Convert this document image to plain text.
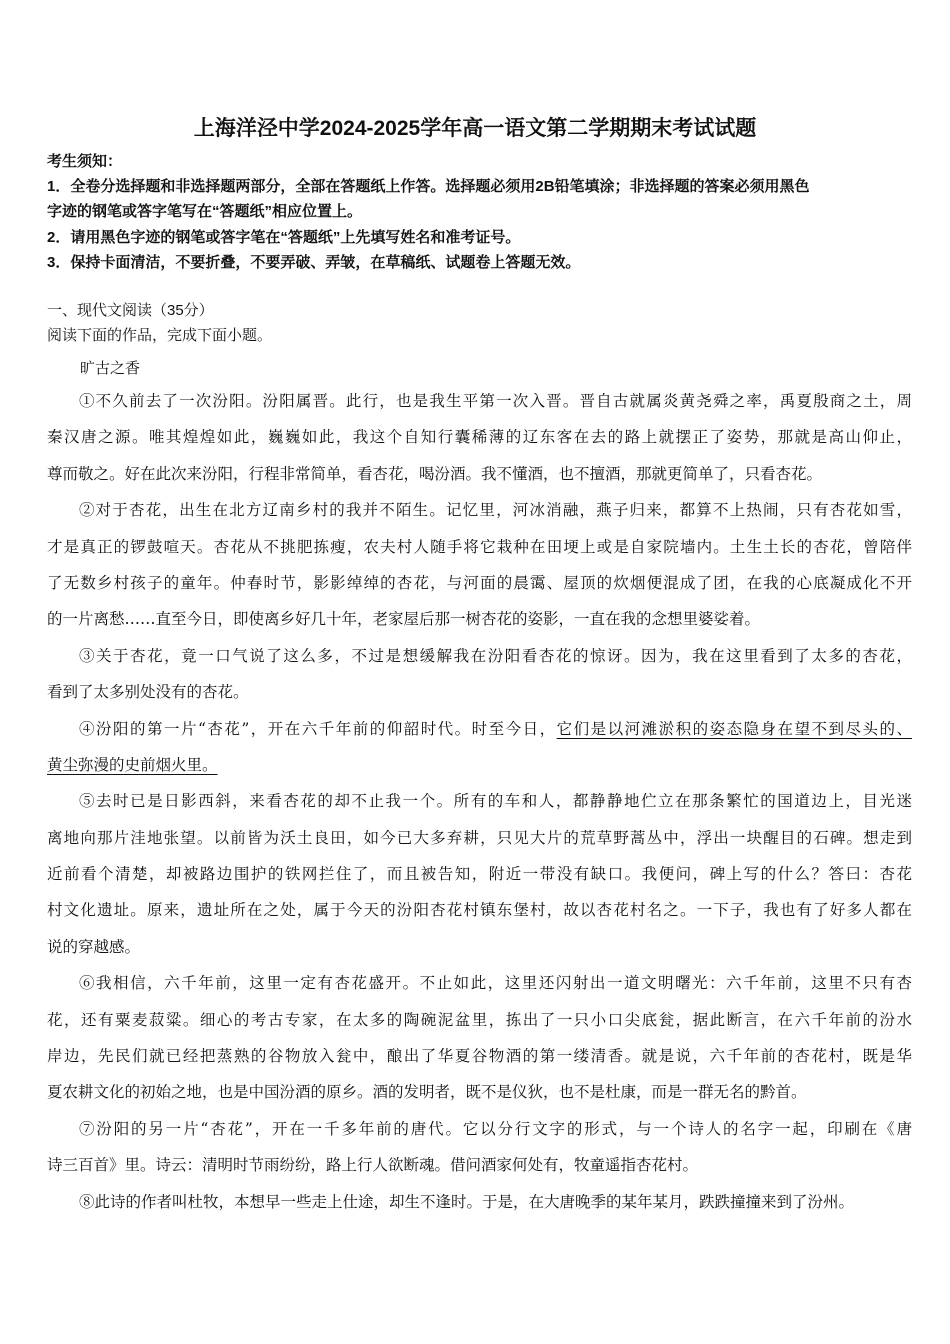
上海洋泾中学2024-2025学年高一语文第二学期期末考试试题
考生须知：
1．全卷分选择题和非选择题两部分，全部在答题纸上作答。选择题必须用2B铅笔填涂；非选择题的答案必须用黑色
字迹的钢笔或答字笔写在“答题纸”相应位置上。
2．请用黑色字迹的钢笔或答字笔在“答题纸”上先填写姓名和准考证号。
3．保持卡面清洁，不要折叠，不要弄破、弄皱，在草稿纸、试题卷上答题无效。
一、现代文阅读（35分）
阅读下面的作品，完成下面小题。
旷古之香
①不久前去了一次汾阳。汾阳属晋。此行，也是我生平第一次入晋。晋自古就属炎黄尧舜之率，禹夏殷商之土，周
秦汉唐之源。唯其煌煌如此，巍巍如此，我这个自知行囊稀薄的辽东客在去的路上就摆正了姿势，那就是高山仰止，
尊而敬之。好在此次来汾阳，行程非常简单，看杏花，喝汾酒。我不懂酒，也不擅酒，那就更简单了，只看杏花。
②对于杏花，出生在北方辽南乡村的我并不陌生。记忆里，河冰消融，燕子归来，都算不上热闹，只有杏花如雪，
才是真正的锣鼓喧天。杏花从不挑肥拣瘦，农夫村人随手将它栽种在田埂上或是自家院墙内。土生土长的杏花，曾陪伴
了无数乡村孩子的童年。仲春时节，影影绰绰的杏花，与河面的晨霭、屋顶的炊烟便混成了团，在我的心底凝成化不开
的一片离愁……直至今日，即使离乡好几十年，老家屋后那一树杏花的姿影，一直在我的念想里婆娑着。
③关于杏花，竟一口气说了这么多，不过是想缓解我在汾阳看杏花的惊讶。因为，我在这里看到了太多的杏花，
看到了太多别处没有的杏花。
④汾阳的第一片“杏花”，开在六千年前的仰韶时代。时至今日，它们是以河滩淤积的姿态隐身在望不到尽头的、
黄尘弥漫的史前烟火里。
⑤去时已是日影西斜，来看杏花的却不止我一个。所有的车和人，都静静地伫立在那条繁忙的国道边上，目光迷
离地向那片洼地张望。以前皆为沃土良田，如今已大多弃耕，只见大片的荒草野蒿丛中，浮出一块醒目的石碑。想走到
近前看个清楚，却被路边围护的铁网拦住了，而且被告知，附近一带没有缺口。我便问，碑上写的什么？答曰：杏花
村文化遗址。原来，遗址所在之处，属于今天的汾阳杏花村镇东堡村，故以杏花村名之。一下子，我也有了好多人都在
说的穿越感。
⑥我相信，六千年前，这里一定有杏花盛开。不止如此，这里还闪射出一道文明曙光：六千年前，这里不只有杏
花，还有粟麦菽粱。细心的考古专家，在太多的陶碗泥盆里，拣出了一只小口尖底瓮，据此断言，在六千年前的汾水
岸边，先民们就已经把蒸熟的谷物放入瓮中，酿出了华夏谷物酒的第一缕清香。就是说，六千年前的杏花村，既是华
夏农耕文化的初始之地，也是中国汾酒的原乡。酒的发明者，既不是仪狄，也不是杜康，而是一群无名的黔首。
⑦汾阳的另一片“杏花”，开在一千多年前的唐代。它以分行文字的形式，与一个诗人的名字一起，印刷在《唐
诗三百首》里。诗云：清明时节雨纷纷，路上行人欲断魂。借问酒家何处有，牧童遥指杏花村。
⑧此诗的作者叫杜牧，本想早一些走上仕途，却生不逢时。于是，在大唐晚季的某年某月，跌跌撞撞来到了汾州。
